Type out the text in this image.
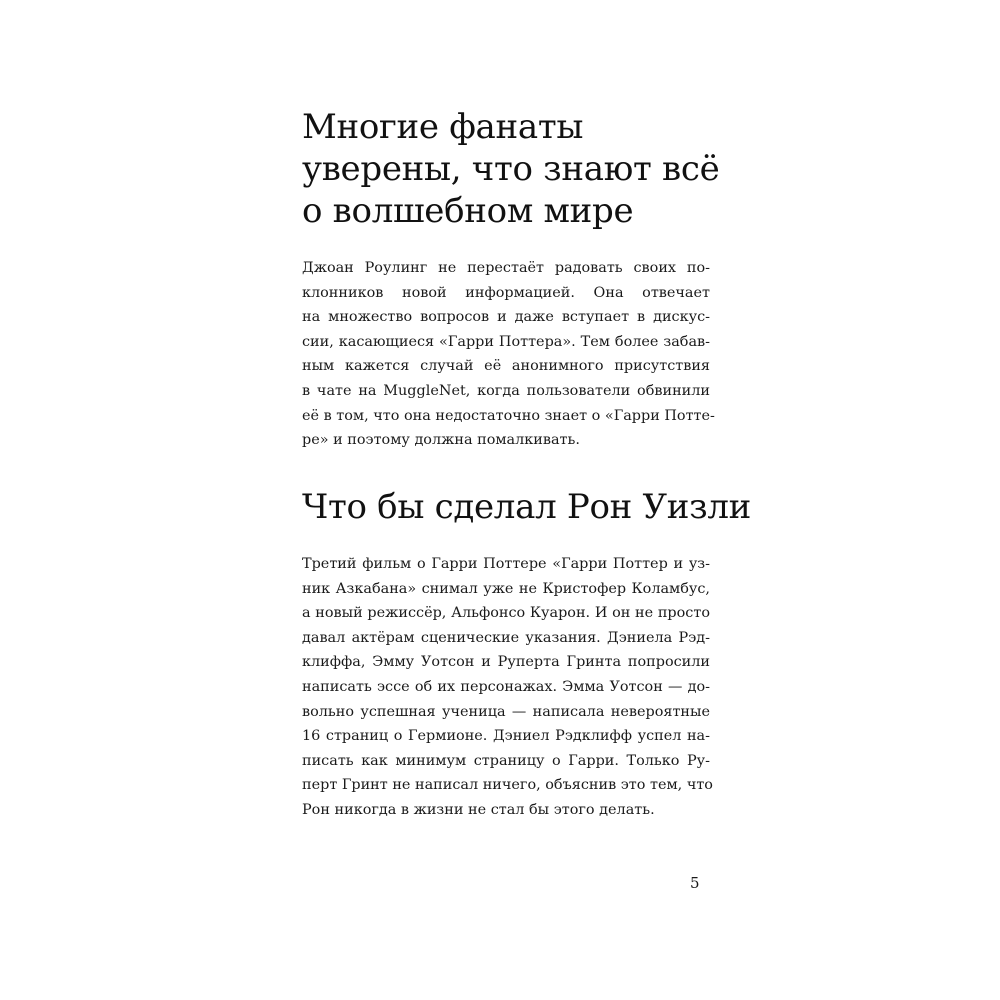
Многие фанаты
уверены, что знают всё
о волшебном мире

Джоан Роулинг не перестаёт радовать своих по-
клонников новой информацией. Она отвечает
на множество вопросов и даже вступает в дискус-
сии, касающиеся «Гарри Поттера». Тем более забав-
ным кажется случай её анонимного присутствия
в чате на MuggleNet, когда пользователи обвинили
её в том, что она недостаточно знает о «Гарри Потте-
ре» и поэтому должна помалкивать.

Что бы сделал Рон Уизли

Третий фильм о Гарри Поттере «Гарри Поттер и уз-
ник Азкабана» снимал уже не Кристофер Коламбус,
а новый режиссёр, Альфонсо Куарон. И он не просто
давал актёрам сценические указания. Дэниела Рэд-
клиффа, Эмму Уотсон и Руперта Гринта попросили
написать эссе об их персонажах. Эмма Уотсон — до-
вольно успешная ученица — написала невероятные
16 страниц о Гермионе. Дэниел Рэдклифф успел на-
писать как минимум страницу о Гарри. Только Ру-
перт Гринт не написал ничего, объяснив это тем, что
Рон никогда в жизни не стал бы этого делать.

5
